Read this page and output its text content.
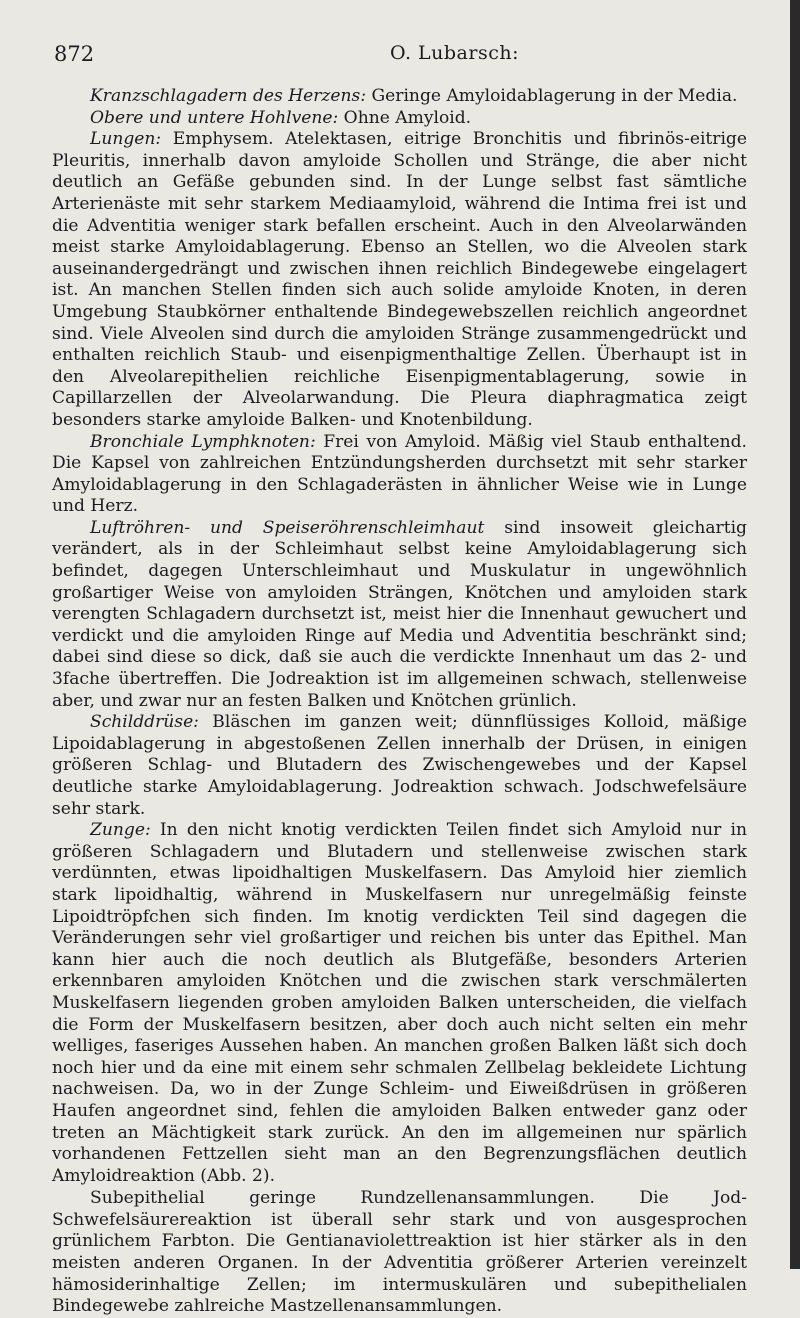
872	O. Lubarsch:

Kranzschlagadern des Herzens: Geringe Amyloidablagerung in der Media.

Obere und untere Hohlvene: Ohne Amyloid.

Lungen: Emphysem. Atelektasen, eitrige Bronchitis und fibrinös-eitrige Pleuritis, innerhalb davon amyloide Schollen und Stränge, die aber nicht deutlich an Gefäße gebunden sind. In der Lunge selbst fast sämtliche Arterienäste mit sehr starkem Mediaamyloid, während die Intima frei ist und die Adventitia weniger stark befallen erscheint. Auch in den Alveolarwänden meist starke Amyloidablagerung. Ebenso an Stellen, wo die Alveolen stark auseinandergedrängt und zwischen ihnen reichlich Bindegewebe eingelagert ist. An manchen Stellen finden sich auch solide amyloide Knoten, in deren Umgebung Staubkörner enthaltende Bindegewebszellen reichlich angeordnet sind. Viele Alveolen sind durch die amyloiden Stränge zusammengedrückt und enthalten reichlich Staub- und eisenpigmenthaltige Zellen. Überhaupt ist in den Alveolarepithelien reichliche Eisenpigmentablagerung, sowie in Capillarzellen der Alveolarwandung. Die Pleura diaphragmatica zeigt besonders starke amyloide Balken- und Knotenbildung.

Bronchiale Lymphknoten: Frei von Amyloid. Mäßig viel Staub enthaltend. Die Kapsel von zahlreichen Entzündungsherden durchsetzt mit sehr starker Amyloidablagerung in den Schlagaderästen in ähnlicher Weise wie in Lunge und Herz.

Luftröhren- und Speiseröhrenschleimhaut sind insoweit gleichartig verändert, als in der Schleimhaut selbst keine Amyloidablagerung sich befindet, dagegen Unterschleimhaut und Muskulatur in ungewöhnlich großartiger Weise von amyloiden Strängen, Knötchen und amyloiden stark verengten Schlagadern durchsetzt ist, meist hier die Innenhaut gewuchert und verdickt und die amyloiden Ringe auf Media und Adventitia beschränkt sind; dabei sind diese so dick, daß sie auch die verdickte Innenhaut um das 2- und 3fache übertreffen. Die Jodreaktion ist im allgemeinen schwach, stellenweise aber, und zwar nur an festen Balken und Knötchen grünlich.

Schilddrüse: Bläschen im ganzen weit; dünnflüssiges Kolloid, mäßige Lipoidablagerung in abgestoßenen Zellen innerhalb der Drüsen, in einigen größeren Schlag- und Blutadern des Zwischengewebes und der Kapsel deutliche starke Amyloidablagerung. Jodreaktion schwach. Jodschwefelsäure sehr stark.

Zunge: In den nicht knotig verdickten Teilen findet sich Amyloid nur in größeren Schlagadern und Blutadern und stellenweise zwischen stark verdünnten, etwas lipoidhaltigen Muskelfasern. Das Amyloid hier ziemlich stark lipoidhaltig, während in Muskelfasern nur unregelmäßig feinste Lipoidtröpfchen sich finden. Im knotig verdickten Teil sind dagegen die Veränderungen sehr viel großartiger und reichen bis unter das Epithel. Man kann hier auch die noch deutlich als Blutgefäße, besonders Arterien erkennbaren amyloiden Knötchen und die zwischen stark verschmälerten Muskelfasern liegenden groben amyloiden Balken unterscheiden, die vielfach die Form der Muskelfasern besitzen, aber doch auch nicht selten ein mehr welliges, faseriges Aussehen haben. An manchen großen Balken läßt sich doch noch hier und da eine mit einem sehr schmalen Zellbelag bekleidete Lichtung nachweisen. Da, wo in der Zunge Schleim- und Eiweißdrüsen in größeren Haufen angeordnet sind, fehlen die amyloiden Balken entweder ganz oder treten an Mächtigkeit stark zurück. An den im allgemeinen nur spärlich vorhandenen Fettzellen sieht man an den Begrenzungsflächen deutlich Amyloidreaktion (Abb. 2).

Subepithelial geringe Rundzellenansammlungen. Die Jod-Schwefelsäurereaktion ist überall sehr stark und von ausgesprochen grünlichem Farbton. Die Gentianaviolettreaktion ist hier stärker als in den meisten anderen Organen. In der Adventitia größerer Arterien vereinzelt hämosiderinhaltige Zellen; im intermuskulären und subepithelialen Bindegewebe zahlreiche Mastzellenansammlungen.
